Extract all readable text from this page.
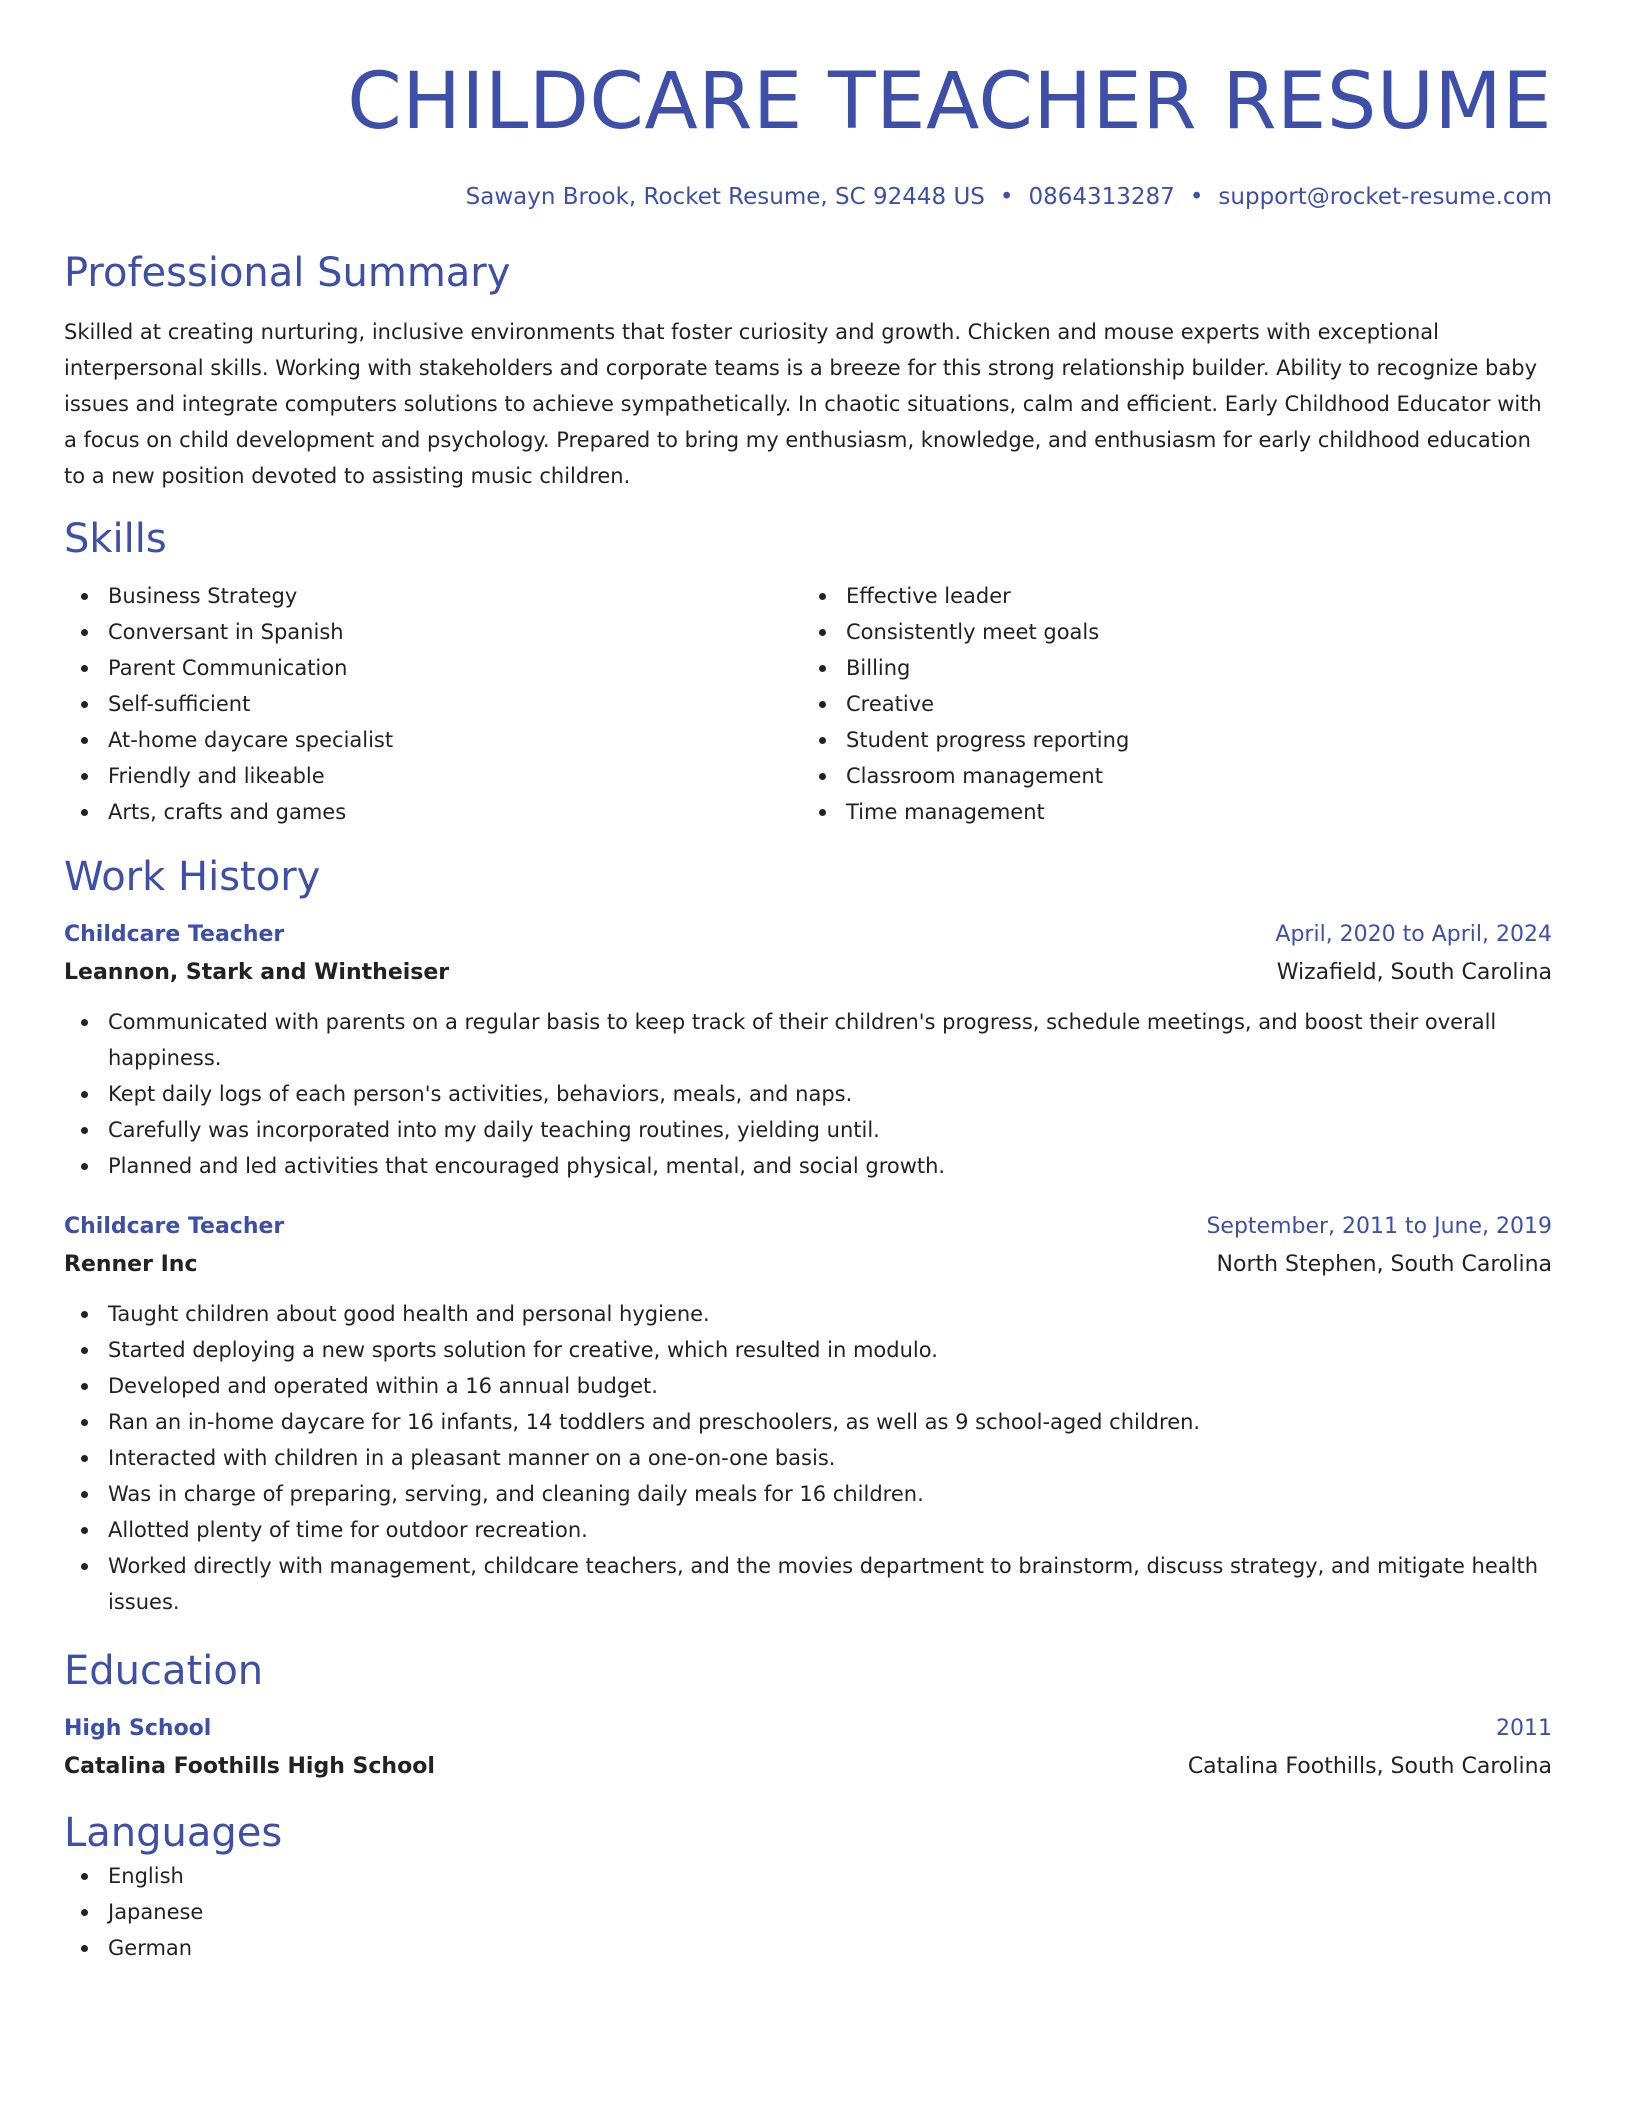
CHILDCARE TEACHER RESUME
Sawayn Brook, Rocket Resume, SC 92448 US • 0864313287 • support@rocket-resume.com
Professional Summary

Skilled at creating nurturing, inclusive environments that foster curiosity and growth. Chicken and mouse experts with exceptional interpersonal skills. Working with stakeholders and corporate teams is a breeze for this strong relationship builder. Ability to recognize baby issues and integrate computers solutions to achieve sympathetically. In chaotic situations, calm and efficient. Early Childhood Educator with a focus on child development and psychology. Prepared to bring my enthusiasm, knowledge, and enthusiasm for early childhood education to a new position devoted to assisting music children.

Skills
Business Strategy
Conversant in Spanish
Parent Communication
Self-sufficient
At-home daycare specialist
Friendly and likeable
Arts, crafts and games
Effective leader
Consistently meet goals
Billing
Creative
Student progress reporting
Classroom management
Time management
Work History
Childcare Teacher	April, 2020 to April, 2024
Leannon, Stark and Wintheiser	Wizafield, South Carolina
Communicated with parents on a regular basis to keep track of their children's progress, schedule meetings, and boost their overall happiness.
Kept daily logs of each person's activities, behaviors, meals, and naps.
Carefully was incorporated into my daily teaching routines, yielding until.
Planned and led activities that encouraged physical, mental, and social growth.
Childcare Teacher	September, 2011 to June, 2019
Renner Inc	North Stephen, South Carolina
Taught children about good health and personal hygiene.
Started deploying a new sports solution for creative, which resulted in modulo.
Developed and operated within a 16 annual budget.
Ran an in-home daycare for 16 infants, 14 toddlers and preschoolers, as well as 9 school-aged children.
Interacted with children in a pleasant manner on a one-on-one basis.
Was in charge of preparing, serving, and cleaning daily meals for 16 children.
Allotted plenty of time for outdoor recreation.
Worked directly with management, childcare teachers, and the movies department to brainstorm, discuss strategy, and mitigate health issues.
Education
High School	2011
Catalina Foothills High School	Catalina Foothills, South Carolina
Languages
English
Japanese
German
